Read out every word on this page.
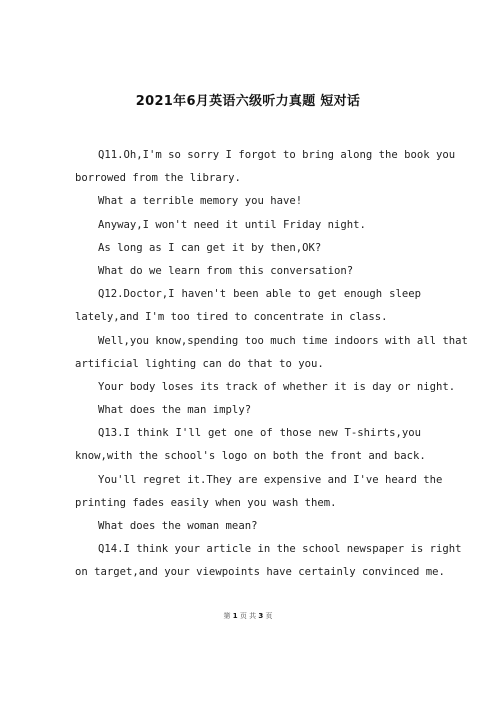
2021年6月英语六级听力真题 短对话
Q11.Oh,I'm so sorry I forgot to bring along the book you
borrowed from the library.
What a terrible memory you have!
Anyway,I won't need it until Friday night.
As long as I can get it by then,OK?
What do we learn from this conversation?
Q12.Doctor,I haven't been able to get enough sleep
lately,and I'm too tired to concentrate in class.
Well,you know,spending too much time indoors with all that
artificial lighting can do that to you.
Your body loses its track of whether it is day or night.
What does the man imply?
Q13.I think I'll get one of those new T-shirts,you
know,with the school's logo on both the front and back.
You'll regret it.They are expensive and I've heard the
printing fades easily when you wash them.
What does the woman mean?
Q14.I think your article in the school newspaper is right
on target,and your viewpoints have certainly convinced me.
第 1 页 共 3 页
